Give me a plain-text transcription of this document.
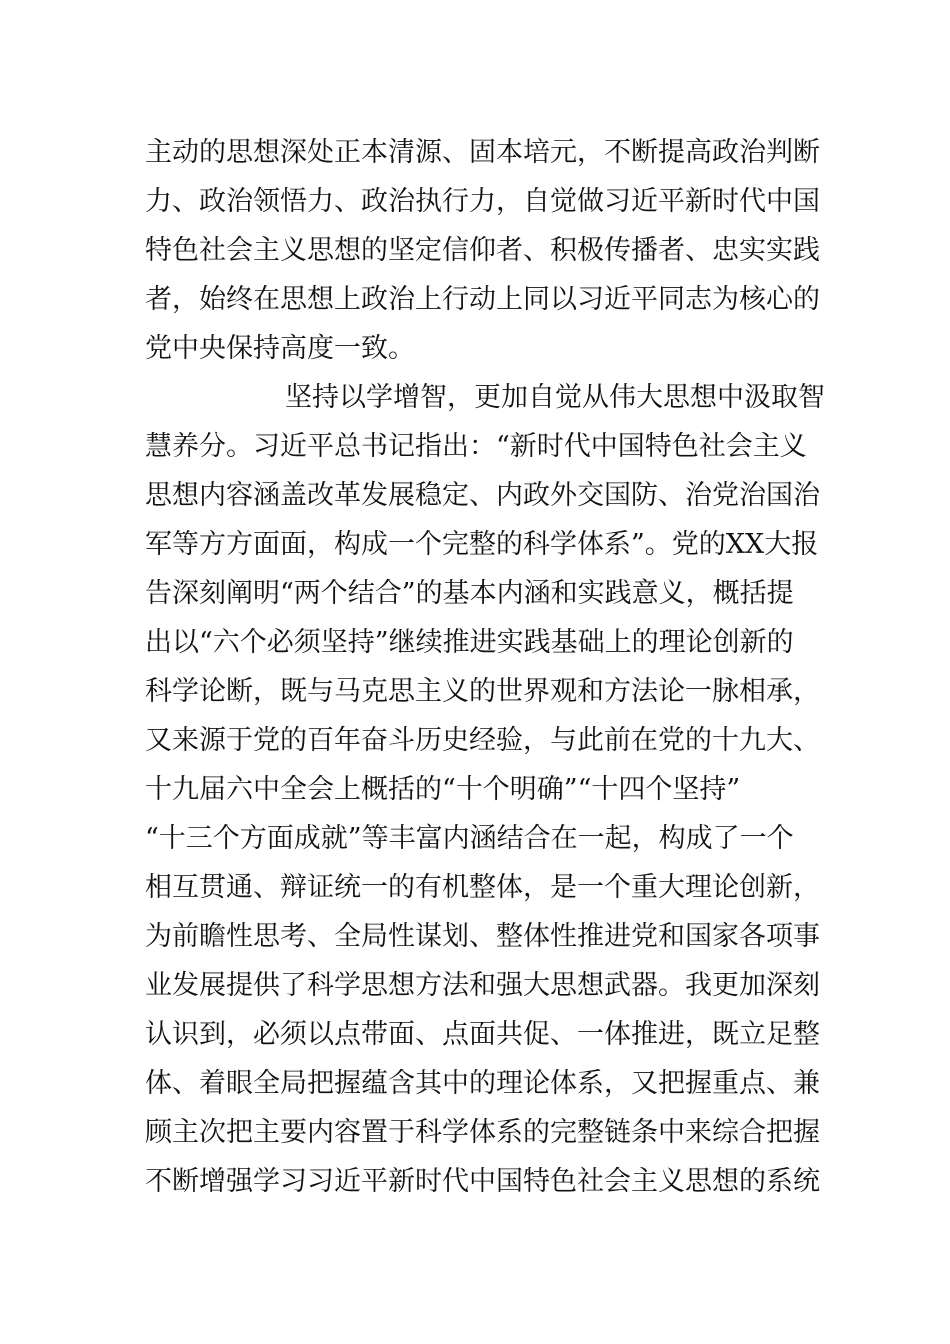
主动的思想深处正本清源、固本培元，不断提高政治判断
力、政治领悟力、政治执行力，自觉做习近平新时代中国
特色社会主义思想的坚定信仰者、积极传播者、忠实实践
者，始终在思想上政治上行动上同以习近平同志为核心的
党中央保持高度一致。
坚持以学增智，更加自觉从伟大思想中汲取智
慧养分。习近平总书记指出：“新时代中国特色社会主义
思想内容涵盖改革发展稳定、内政外交国防、治党治国治
军等方方面面，构成一个完整的科学体系”。党的XX大报
告深刻阐明“两个结合”的基本内涵和实践意义，概括提
出以“六个必须坚持”继续推进实践基础上的理论创新的
科学论断，既与马克思主义的世界观和方法论一脉相承，
又来源于党的百年奋斗历史经验，与此前在党的十九大、
十九届六中全会上概括的“十个明确”“十四个坚持”
“十三个方面成就”等丰富内涵结合在一起，构成了一个
相互贯通、辩证统一的有机整体，是一个重大理论创新，
为前瞻性思考、全局性谋划、整体性推进党和国家各项事
业发展提供了科学思想方法和强大思想武器。我更加深刻
认识到，必须以点带面、点面共促、一体推进，既立足整
体、着眼全局把握蕴含其中的理论体系，又把握重点、兼
顾主次把主要内容置于科学体系的完整链条中来综合把握
不断增强学习习近平新时代中国特色社会主义思想的系统
